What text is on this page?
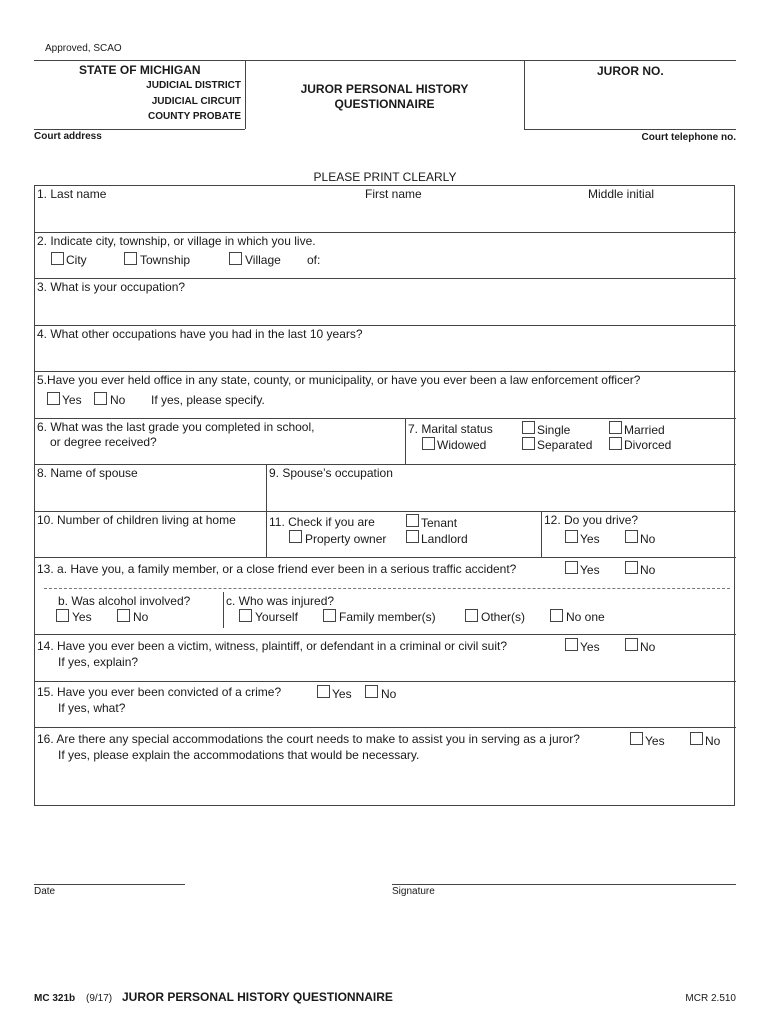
Approved, SCAO
STATE OF MICHIGAN
JUDICIAL DISTRICT
JUDICIAL CIRCUIT
COUNTY PROBATE
JUROR PERSONAL HISTORY
QUESTIONNAIRE
JUROR NO.
Court address	Court telephone no.
PLEASE PRINT CLEARLY
1. Last name	First name	Middle initial
2. Indicate city, township, or village in which you live.
City	Township	Village of:
3. What is your occupation?
4. What other occupations have you had in the last 10 years?
5.Have you ever held office in any state, county, or municipality, or have you ever been a law enforcement officer?
Yes No If yes, please specify.
6. What was the last grade you completed in school,
or degree received?
7. Marital status
Widowed
Single
Separated
Married
Divorced
8. Name of spouse	9. Spouse’s occupation
10. Number of children living at home	11. Check if you are	Tenant
Property owner	Landlord
12. Do you drive?
Yes	No
13. a. Have you, a family member, or a close friend ever been in a serious traffic accident?	Yes	No
b. Was alcohol involved?
Yes	No
c. Who was injured?
Yourself	Family member(s)	Other(s)	No one
14. Have you ever been a victim, witness, plaintiff, or defendant in a criminal or civil suit?
If yes, explain?
Yes	No
15. Have you ever been convicted of a crime?
If yes, what?
Yes No
16. Are there any special accommodations the court needs to make to assist you in serving as a juror?
If yes, please explain the accommodations that would be necessary.
Yes	No
Date	Signature
MC 321b (9/17) JUROR PERSONAL HISTORY QUESTIONNAIRE	MCR 2.510
